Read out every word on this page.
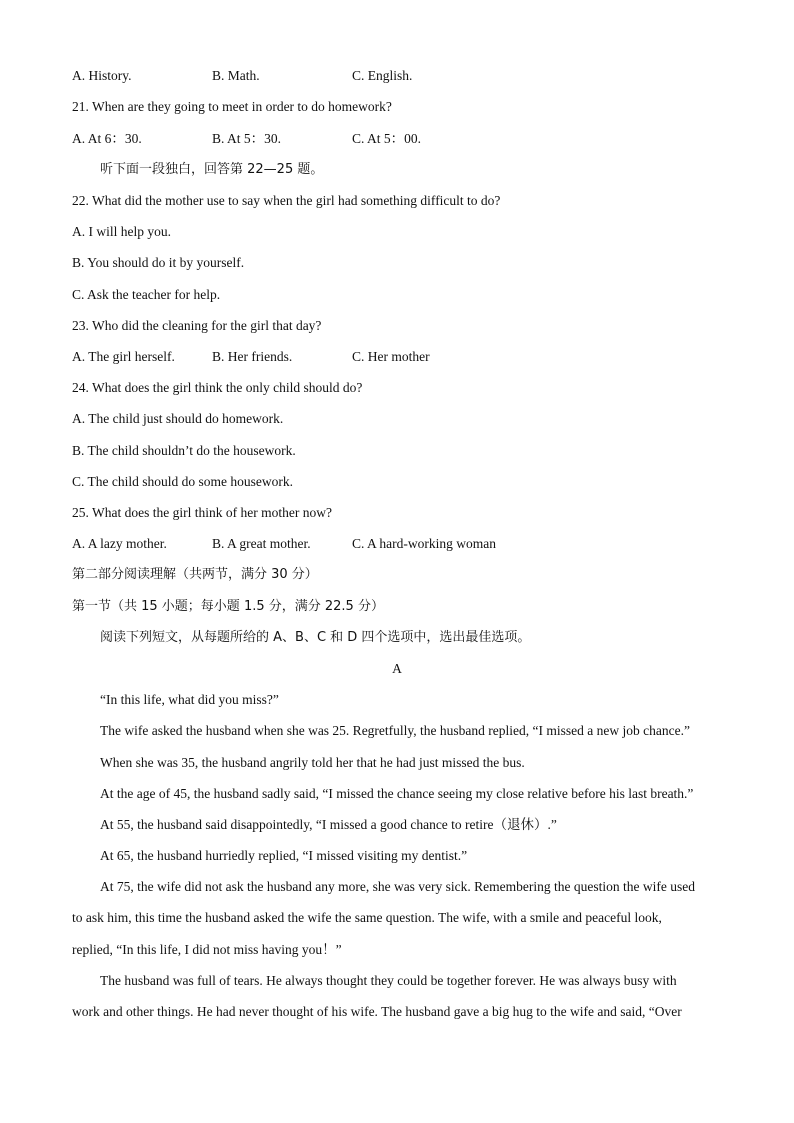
A. History.	B. Math.	C. English.
21. When are they going to meet in order to do homework?
A. At 6：30.	B. At 5：30.	C. At 5：00.
听下面一段独白，回答第 22—25 题。
22. What did the mother use to say when the girl had something difficult to do?
A. I will help you.
B. You should do it by yourself.
C. Ask the teacher for help.
23. Who did the cleaning for the girl that day?
A. The girl herself.	B. Her friends.	C. Her mother
24. What does the girl think the only child should do?
A. The child just should do homework.
B. The child shouldn’t do the housework.
C. The child should do some housework.
25. What does the girl think of her mother now?
A. A lazy mother.	B. A great mother.	C. A hard-working woman
第二部分阅读理解（共两节，满分 30 分）
第一节（共 15 小题；每小题 1.5 分，满分 22.5 分）
阅读下列短文，从每题所给的 A、B、C 和 D 四个选项中，选出最佳选项。
A
“In this life, what did you miss?”
The wife asked the husband when she was 25. Regretfully, the husband replied, “I missed a new job chance.”
When she was 35, the husband angrily told her that he had just missed the bus.
At the age of 45, the husband sadly said, “I missed the chance seeing my close relative before his last breath.”
At 55, the husband said disappointedly, “I missed a good chance to retire（退休）.”
At 65, the husband hurriedly replied, “I missed visiting my dentist.”
At 75, the wife did not ask the husband any more, she was very sick. Remembering the question the wife used
to ask him, this time the husband asked the wife the same question. The wife, with a smile and peaceful look,
replied, “In this life, I did not miss having you！”
The husband was full of tears. He always thought they could be together forever. He was always busy with
work and other things. He had never thought of his wife. The husband gave a big hug to the wife and said, “Over
